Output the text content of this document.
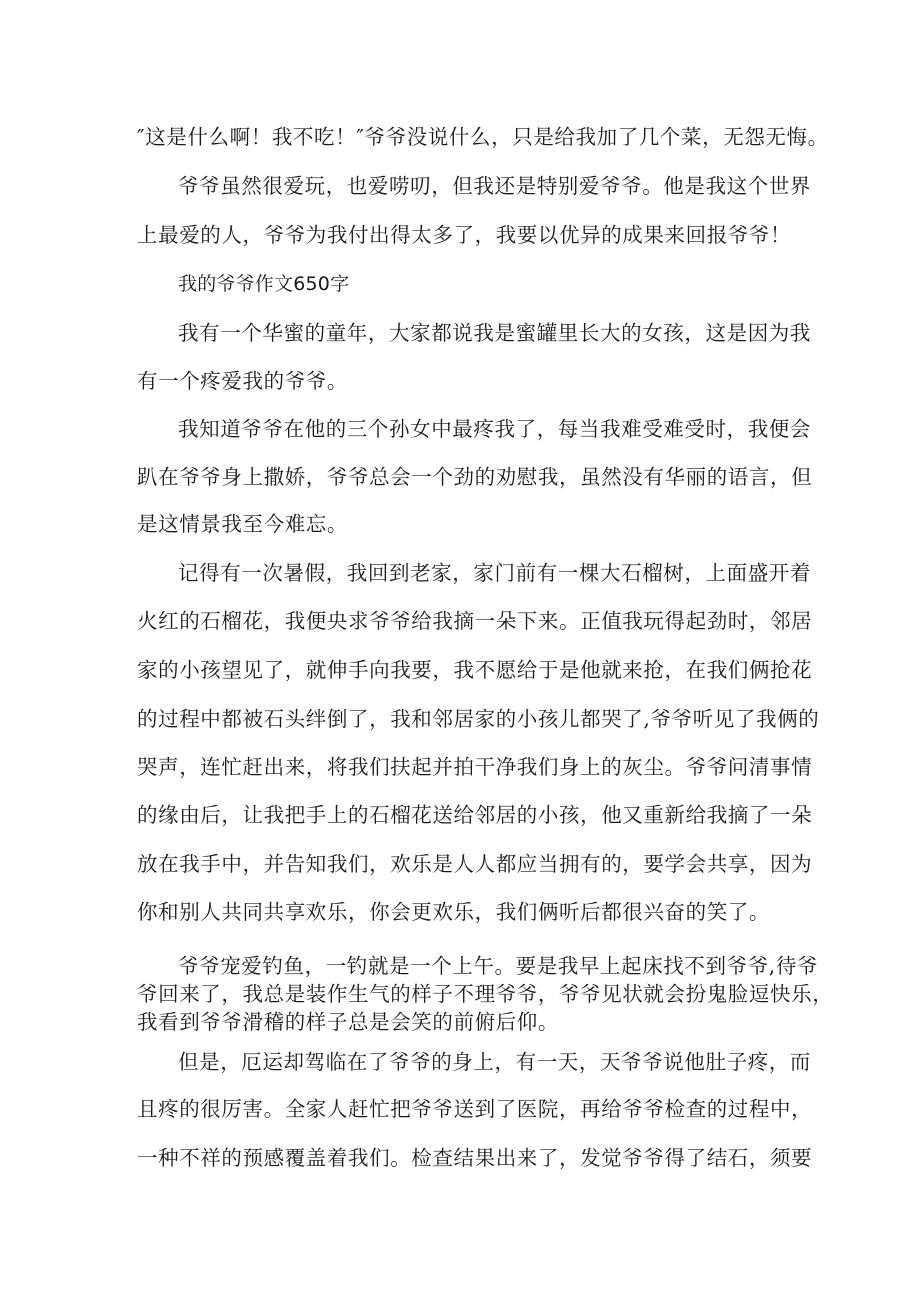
″这是什么啊！我不吃！″爷爷没说什么，只是给我加了几个菜，无怨无悔。
爷爷虽然很爱玩，也爱唠叨，但我还是特别爱爷爷。他是我这个世界
上最爱的人，爷爷为我付出得太多了，我要以优异的成果来回报爷爷！
我的爷爷作文650字
我有一个华蜜的童年，大家都说我是蜜罐里长大的女孩，这是因为我
有一个疼爱我的爷爷。
我知道爷爷在他的三个孙女中最疼我了，每当我难受难受时，我便会
趴在爷爷身上撒娇，爷爷总会一个劲的劝慰我，虽然没有华丽的语言，但
是这情景我至今难忘。
记得有一次暑假，我回到老家，家门前有一棵大石榴树，上面盛开着
火红的石榴花，我便央求爷爷给我摘一朵下来。正值我玩得起劲时，邻居
家的小孩望见了，就伸手向我要，我不愿给于是他就来抢，在我们俩抢花
的过程中都被石头绊倒了，我和邻居家的小孩儿都哭了,爷爷听见了我俩的
哭声，连忙赶出来，将我们扶起并拍干净我们身上的灰尘。爷爷问清事情
的缘由后，让我把手上的石榴花送给邻居的小孩，他又重新给我摘了一朵
放在我手中，并告知我们，欢乐是人人都应当拥有的，要学会共享，因为
你和别人共同共享欢乐，你会更欢乐，我们俩听后都很兴奋的笑了。
爷爷宠爱钓鱼，一钓就是一个上午。要是我早上起床找不到爷爷,待爷
爷回来了，我总是装作生气的样子不理爷爷，爷爷见状就会扮鬼脸逗快乐，
我看到爷爷滑稽的样子总是会笑的前俯后仰。
但是，厄运却驾临在了爷爷的身上，有一天，天爷爷说他肚子疼，而
且疼的很厉害。全家人赶忙把爷爷送到了医院，再给爷爷检查的过程中，
一种不祥的预感覆盖着我们。检查结果出来了，发觉爷爷得了结石，须要
